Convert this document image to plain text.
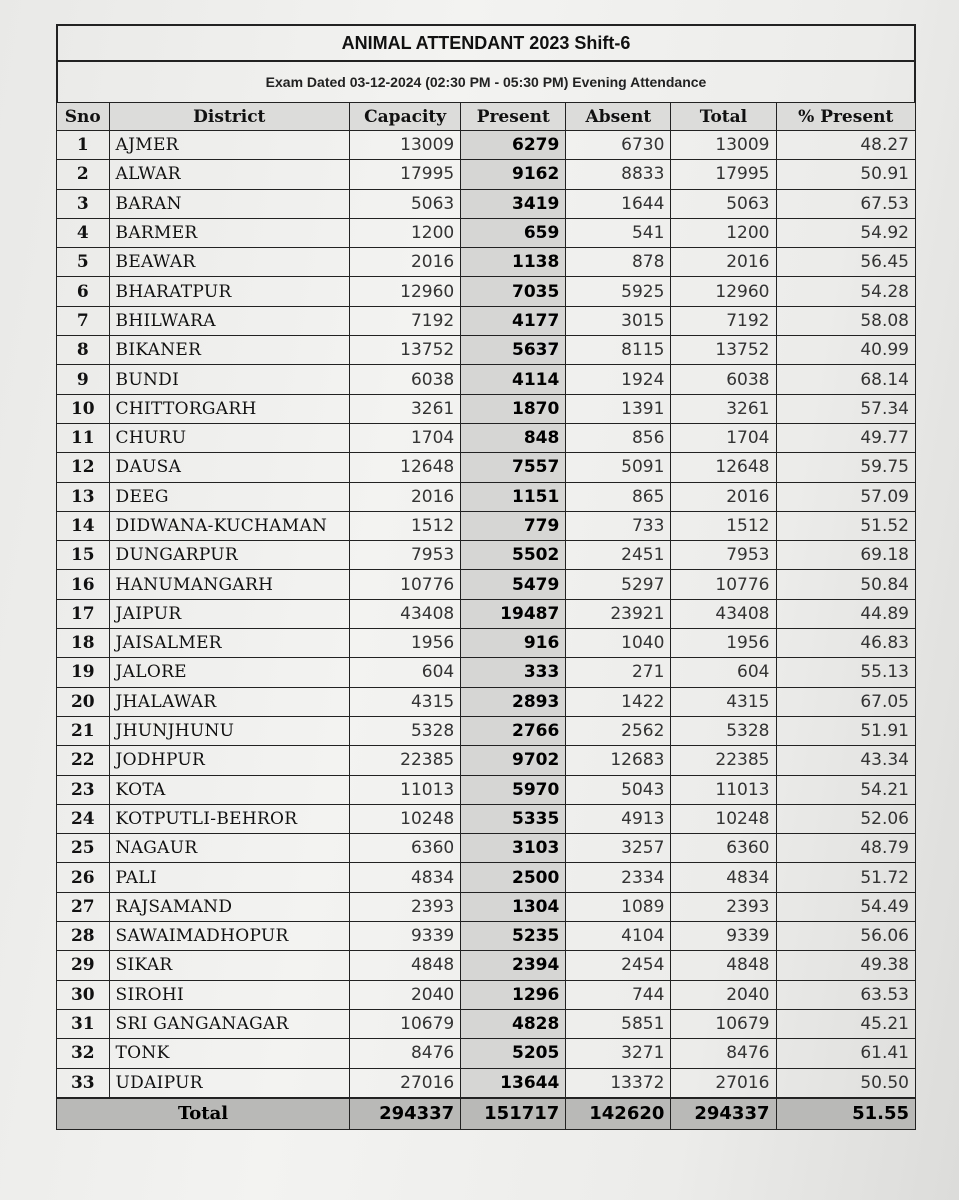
ANIMAL ATTENDANT 2023 Shift-6
Exam Dated 03-12-2024 (02:30 PM - 05:30 PM) Evening Attendance
Sno	District	Capacity	Present	Absent	Total	% Present
1	AJMER	13009	6279	6730	13009	48.27
2	ALWAR	17995	9162	8833	17995	50.91
3	BARAN	5063	3419	1644	5063	67.53
4	BARMER	1200	659	541	1200	54.92
5	BEAWAR	2016	1138	878	2016	56.45
6	BHARATPUR	12960	7035	5925	12960	54.28
7	BHILWARA	7192	4177	3015	7192	58.08
8	BIKANER	13752	5637	8115	13752	40.99
9	BUNDI	6038	4114	1924	6038	68.14
10	CHITTORGARH	3261	1870	1391	3261	57.34
11	CHURU	1704	848	856	1704	49.77
12	DAUSA	12648	7557	5091	12648	59.75
13	DEEG	2016	1151	865	2016	57.09
14	DIDWANA-KUCHAMAN	1512	779	733	1512	51.52
15	DUNGARPUR	7953	5502	2451	7953	69.18
16	HANUMANGARH	10776	5479	5297	10776	50.84
17	JAIPUR	43408	19487	23921	43408	44.89
18	JAISALMER	1956	916	1040	1956	46.83
19	JALORE	604	333	271	604	55.13
20	JHALAWAR	4315	2893	1422	4315	67.05
21	JHUNJHUNU	5328	2766	2562	5328	51.91
22	JODHPUR	22385	9702	12683	22385	43.34
23	KOTA	11013	5970	5043	11013	54.21
24	KOTPUTLI-BEHROR	10248	5335	4913	10248	52.06
25	NAGAUR	6360	3103	3257	6360	48.79
26	PALI	4834	2500	2334	4834	51.72
27	RAJSAMAND	2393	1304	1089	2393	54.49
28	SAWAIMADHOPUR	9339	5235	4104	9339	56.06
29	SIKAR	4848	2394	2454	4848	49.38
30	SIROHI	2040	1296	744	2040	63.53
31	SRI GANGANAGAR	10679	4828	5851	10679	45.21
32	TONK	8476	5205	3271	8476	61.41
33	UDAIPUR	27016	13644	13372	27016	50.50
Total		294337	151717	142620	294337	51.55
